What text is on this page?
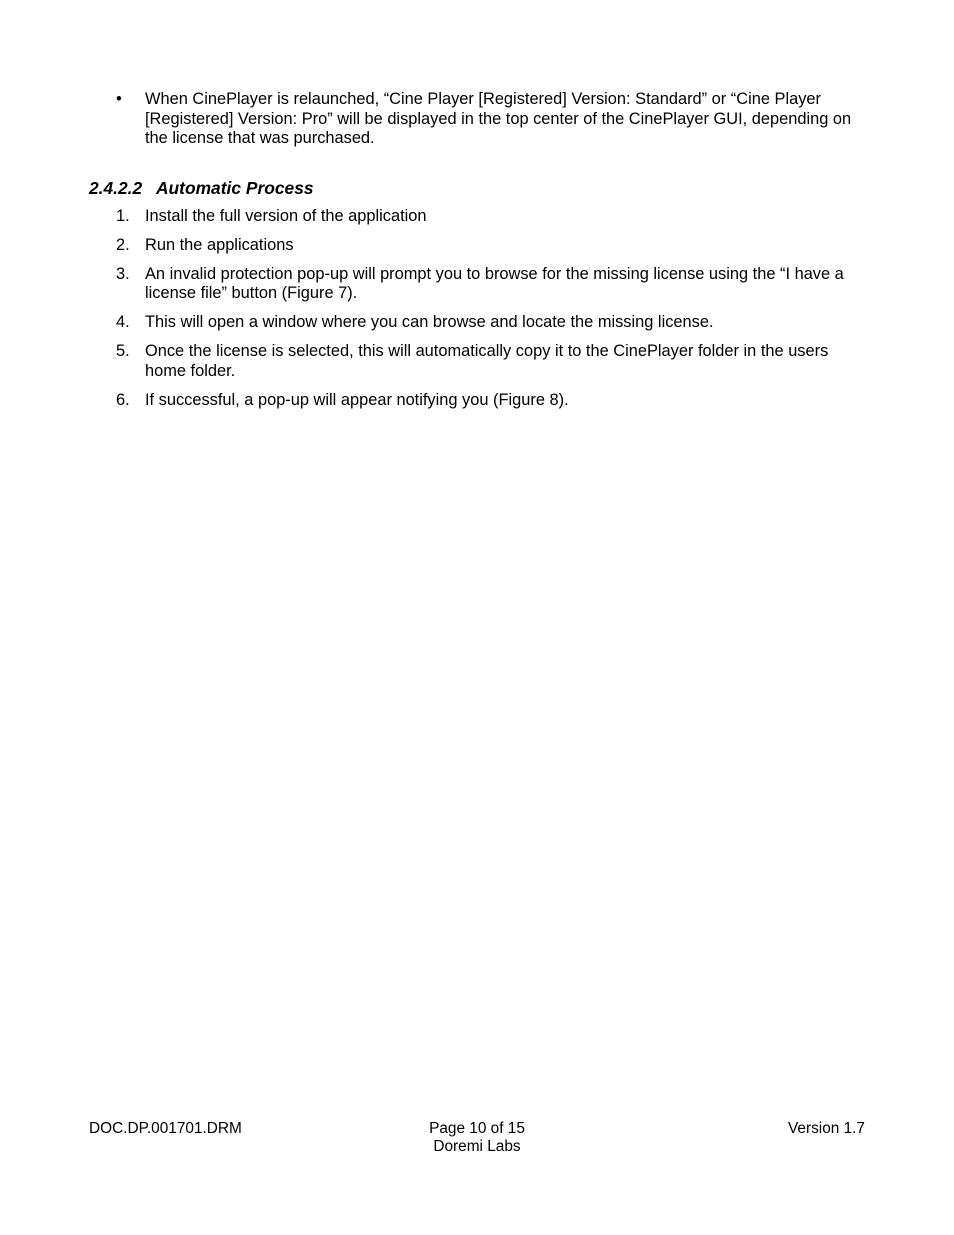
• When CinePlayer is relaunched, “Cine Player [Registered] Version: Standard” or “Cine Player [Registered] Version: Pro” will be displayed in the top center of the CinePlayer GUI, depending on the license that was purchased.
2.4.2.2 Automatic Process
1. Install the full version of the application
2. Run the applications
3. An invalid protection pop-up will prompt you to browse for the missing license using the “I have a license file” button (Figure 7).
4. This will open a window where you can browse and locate the missing license.
5. Once the license is selected, this will automatically copy it to the CinePlayer folder in the users home folder.
6. If successful, a pop-up will appear notifying you (Figure 8).
DOC.DP.001701.DRM	Page 10 of 15
Doremi Labs
Version 1.7
